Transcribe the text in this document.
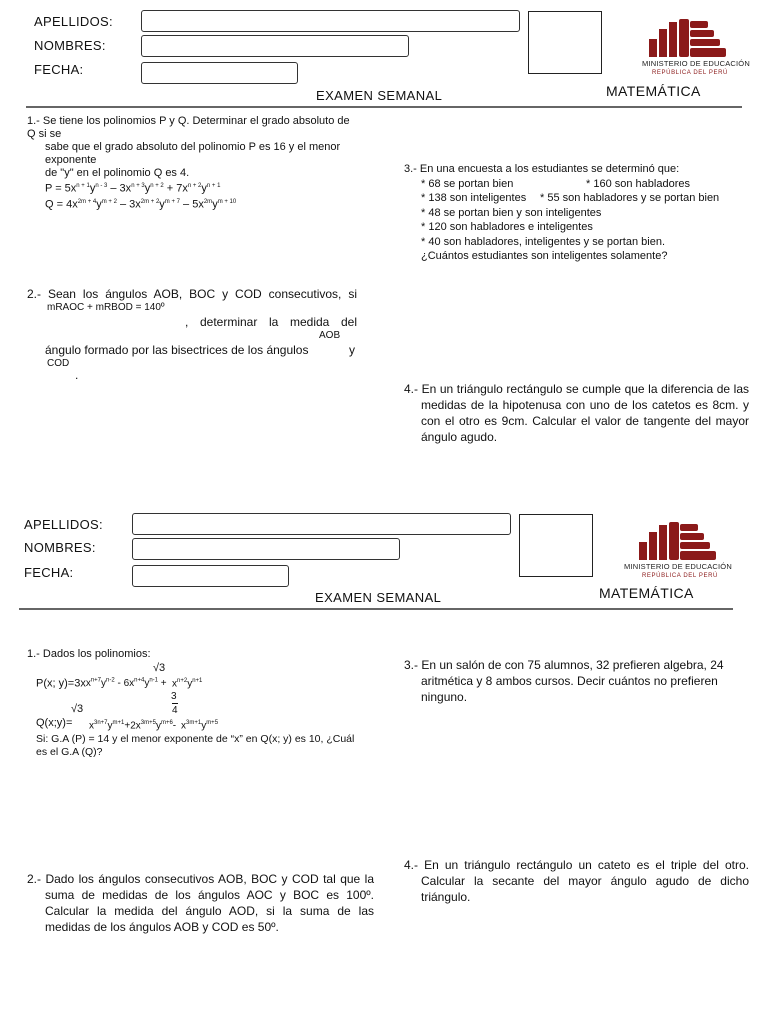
APELLIDOS:
NOMBRES:
FECHA:	MINISTERIO DE EDUCACIÓN
REPÚBLICA DEL PERÚ
EXAMEN SEMANAL	MATEMÁTICA
1.- Se tiene los polinomios P y Q. Determinar el grado absoluto de Q si se
sabe que el grado absoluto del polinomio P es 16 y el menor exponente
de "y" en el polinomio Q es 4.
$P = 5x^{n + 1}y^{n - 3} - 3x^{n + 3}y^{n + 2} + 7x^{n + 2}y^{n + 1}$
$Q = 4x^{2m + 4}y^{m + 2} - 3x^{2m + 2}y^{m + 7} - 5x^{2m}y^{m + 10}$
3.- En una encuesta a los estudiantes se determinó que:
* 68 se portan bien	* 160 son habladores
* 138 son inteligentes * 55 son habladores y se portan bien
* 48 se portan bien y son inteligentes
* 120 son habladores e inteligentes
* 40 son habladores, inteligentes y se portan bien.
¿Cuántos estudiantes son inteligentes solamente?
2.- Sean los ángulos AOB, BOC y COD consecutivos, si
mRAOC + mRBOD = 140º
, determinar la medida del
AOB
ángulo formado por las bisectrices de los ángulos	y
COD
.
4.- En un triángulo rectángulo se cumple que la diferencia de las medidas de la hipotenusa con uno de los catetos es 8cm. y con el otro es 9cm. Calcular el valor de tangente del mayor ángulo agudo.
APELLIDOS:
NOMBRES:
FECHA:	MINISTERIO DE EDUCACIÓN
REPÚBLICA DEL PERÚ
EXAMEN SEMANAL	MATEMÁTICA
1.- Dados los polinomios:
√3
P(x; $y)=3xx^{n+7}y^{n-2} - 6x^{n+4}y^{n-1} + x^{n+2}y^{n+1}$
3
√3	4
Q(x;y)= $x^{3n+7}y^{m+1}+2x^{3m+5}y^{m+6}-$ $x^{3m+1}y^{m+5}$
Si: G.A (P) = 14 y el menor exponente de “x” en Q(x; y) es 10, ¿Cuál es el G.A (Q)?
3.- En un salón de con 75 alumnos, 32 prefieren algebra, 24 aritmética y 8 ambos cursos. Decir cuántos no prefieren ninguno.
4.- En un triángulo rectángulo un cateto es el triple del otro. Calcular la secante del mayor ángulo agudo de dicho triángulo.
2.- Dado los ángulos consecutivos AOB, BOC y COD tal que la suma de medidas de los ángulos AOC y BOC es 100º. Calcular la medida del ángulo AOD, si la suma de las medidas de los ángulos AOB y COD es 50º.
